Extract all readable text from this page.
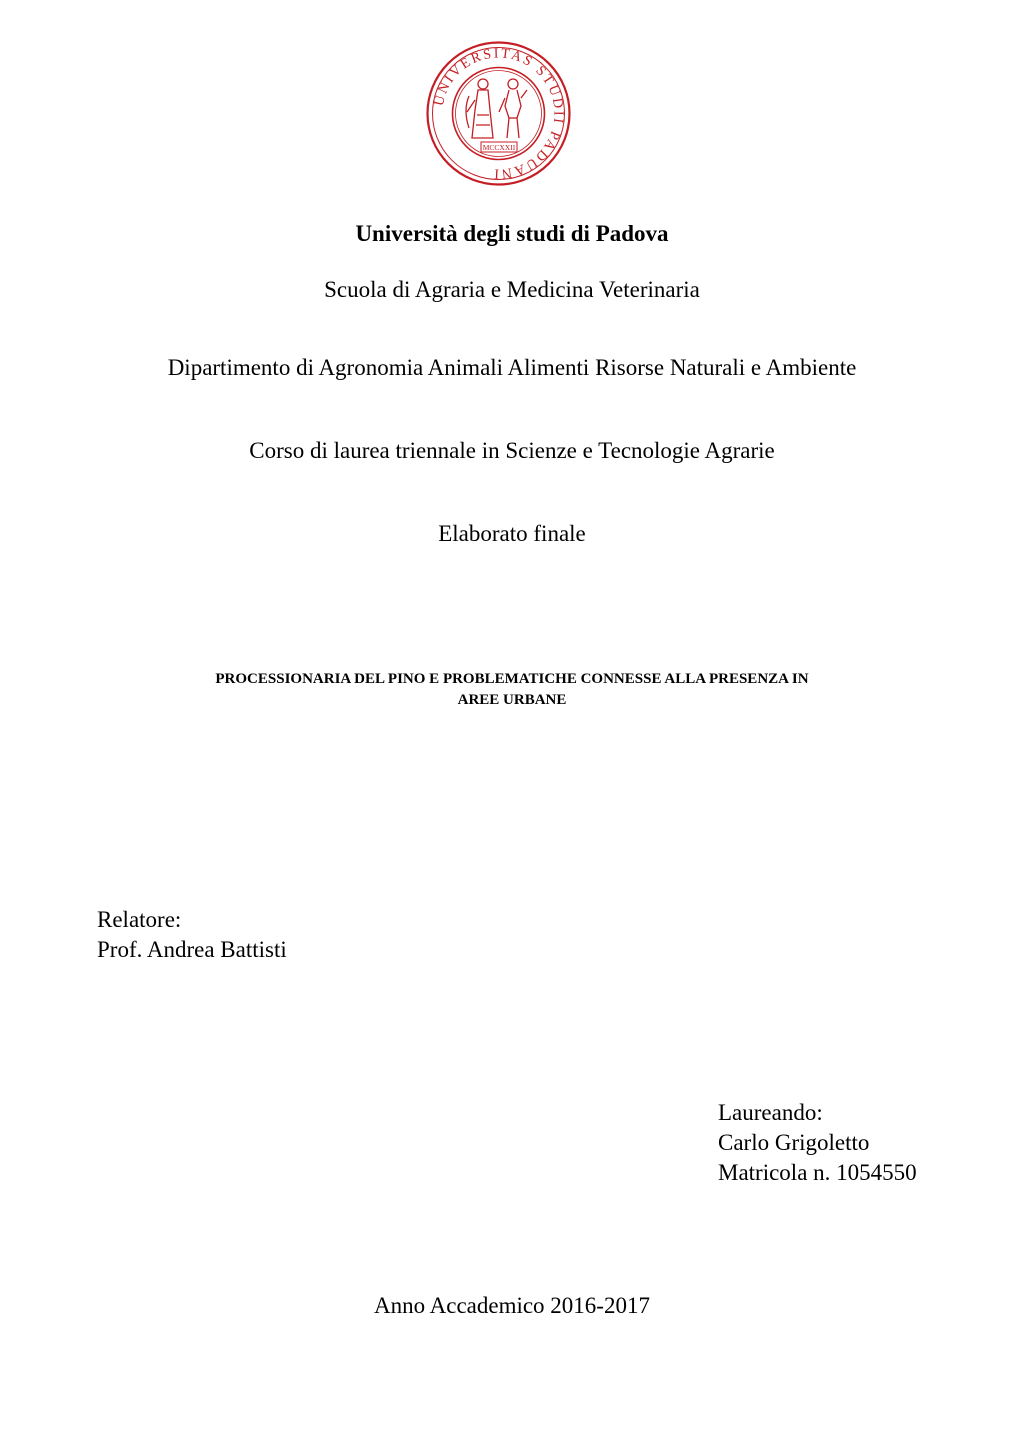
UNIVERSITAS STUDII PADUANI
MCCXXII
Università degli studi di Padova
Scuola di Agraria e Medicina Veterinaria
Dipartimento di Agronomia Animali Alimenti Risorse Naturali e Ambiente
Corso di laurea triennale in Scienze e Tecnologie Agrarie
Elaborato finale
PROCESSIONARIA DEL PINO E PROBLEMATICHE CONNESSE ALLA PRESENZA IN
AREE URBANE
Relatore:
Prof. Andrea Battisti
Laureando:
Carlo Grigoletto
Matricola n. 1054550
Anno Accademico 2016-2017
